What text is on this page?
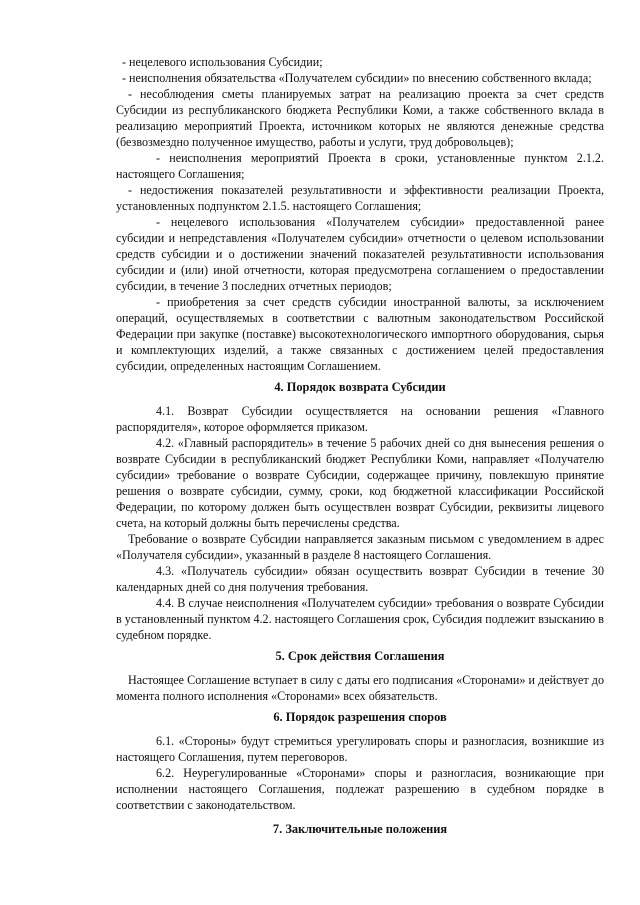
- нецелевого использования Субсидии;

- неисполнения обязательства «Получателем субсидии» по внесению собственного вклада;

- несоблюдения сметы планируемых затрат на реализацию проекта за счет средств Субсидии из республиканского бюджета Республики Коми, а также собственного вклада в реализацию мероприятий Проекта, источником которых не являются денежные средства (безвозмездно полученное имущество, работы и услуги, труд добровольцев);

- неисполнения мероприятий Проекта в сроки, установленные пунктом 2.1.2. настоящего Соглашения;

- недостижения показателей результативности и эффективности реализации Проекта, установленных подпунктом 2.1.5. настоящего Соглашения;

- нецелевого использования «Получателем субсидии» предоставленной ранее субсидии и непредставления «Получателем субсидии» отчетности о целевом использовании средств субсидии и о достижении значений показателей результативности использования субсидии и (или) иной отчетности, которая предусмотрена соглашением о предоставлении субсидии, в течение 3 последних отчетных периодов;

- приобретения за счет средств субсидии иностранной валюты, за исключением операций, осуществляемых в соответствии с валютным законодательством Российской Федерации при закупке (поставке) высокотехнологического импортного оборудования, сырья и комплектующих изделий, а также связанных с достижением целей предоставления субсидии, определенных настоящим Соглашением.

4. Порядок возврата Субсидии

4.1. Возврат Субсидии осуществляется на основании решения «Главного распорядителя», которое оформляется приказом.

4.2. «Главный распорядитель» в течение 5 рабочих дней со дня вынесения решения о возврате Субсидии в республиканский бюджет Республики Коми, направляет «Получателю субсидии» требование о возврате Субсидии, содержащее причину, повлекшую принятие решения о возврате субсидии, сумму, сроки, код бюджетной классификации Российской Федерации, по которому должен быть осуществлен возврат Субсидии, реквизиты лицевого счета, на который должны быть перечислены средства.

Требование о возврате Субсидии направляется заказным письмом с уведомлением в адрес «Получателя субсидии», указанный в разделе 8 настоящего Соглашения.

4.3. «Получатель субсидии» обязан осуществить возврат Субсидии в течение 30 календарных дней со дня получения требования.

4.4. В случае неисполнения «Получателем субсидии» требования о возврате Субсидии в установленный пунктом 4.2. настоящего Соглашения срок, Субсидия подлежит взысканию в судебном порядке.

5. Срок действия Соглашения

Настоящее Соглашение вступает в силу с даты его подписания «Сторонами» и действует до момента полного исполнения «Сторонами» всех обязательств.

6. Порядок разрешения споров

6.1. «Стороны» будут стремиться урегулировать споры и разногласия, возникшие из настоящего Соглашения, путем переговоров.

6.2. Неурегулированные «Сторонами» споры и разногласия, возникающие при исполнении настоящего Соглашения, подлежат разрешению в судебном порядке в соответствии с законодательством.

7. Заключительные положения
